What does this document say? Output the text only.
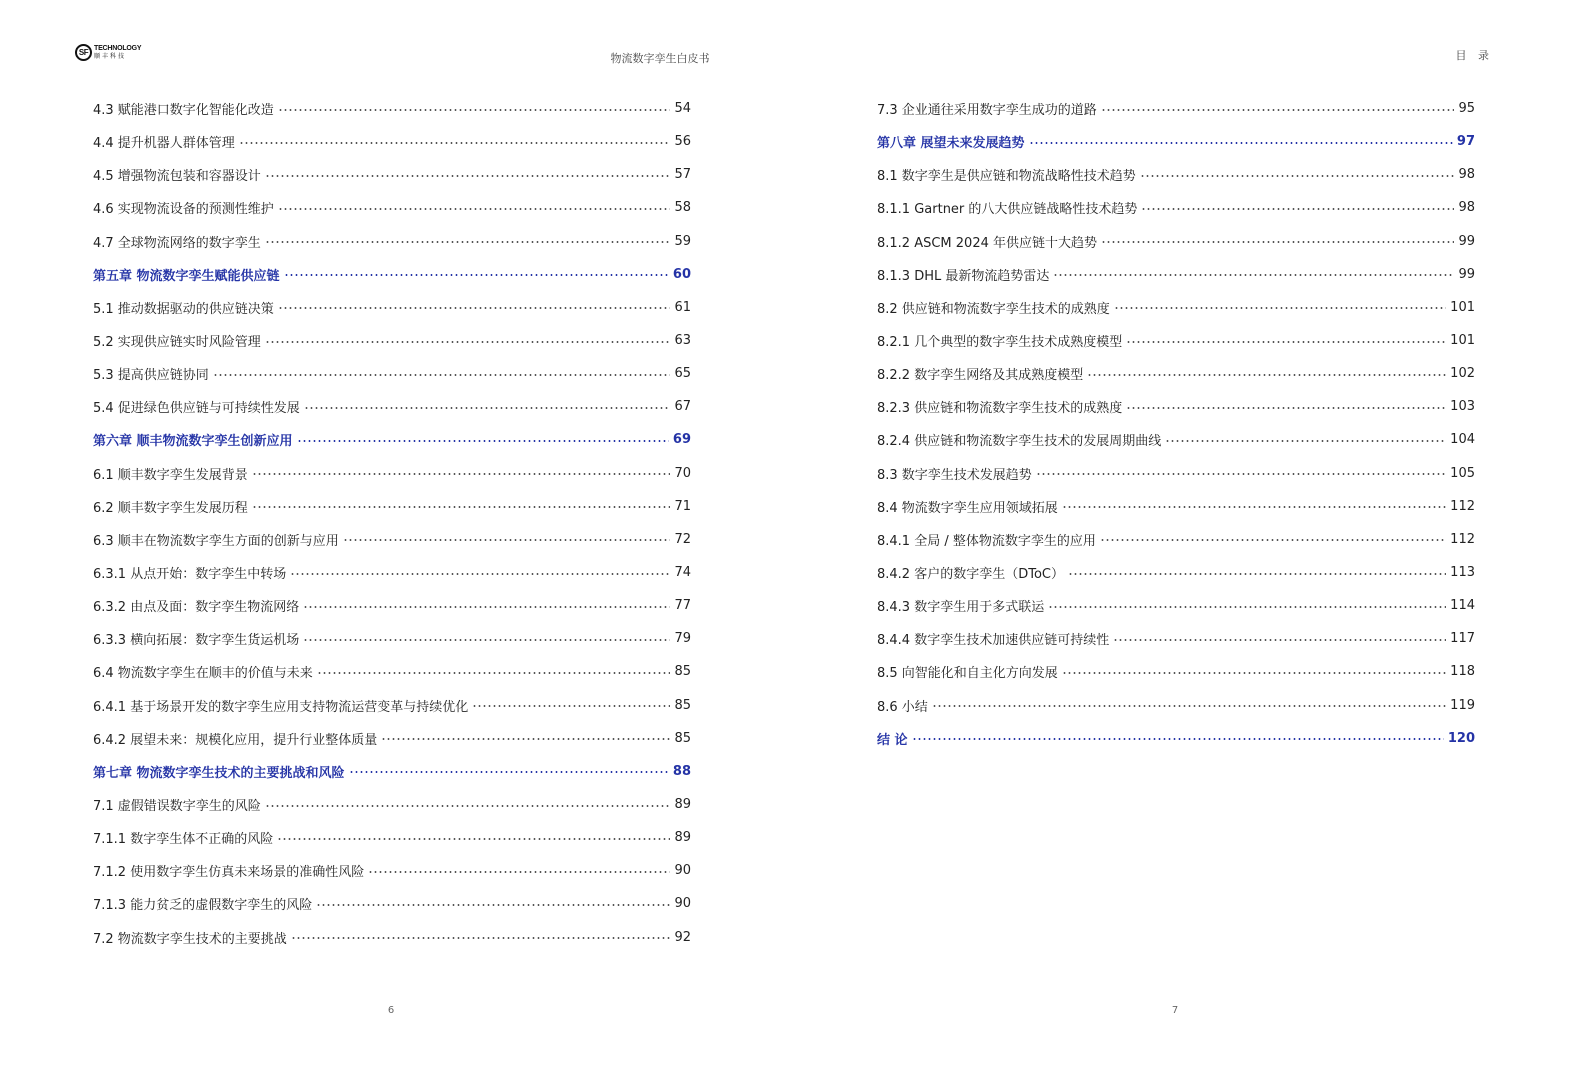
SF TECHNOLOGY
顺丰科技	物流数字孪生白皮书
4.3 赋能港口数字化智能化改造	54
4.4 提升机器人群体管理	56
4.5 增强物流包装和容器设计	57
4.6 实现物流设备的预测性维护	58
4.7 全球物流网络的数字孪生	59
第五章 物流数字孪生赋能供应链	60
5.1 推动数据驱动的供应链决策	61
5.2 实现供应链实时风险管理	63
5.3 提高供应链协同	65
5.4 促进绿色供应链与可持续性发展	67
第六章 顺丰物流数字孪生创新应用	69
6.1 顺丰数字孪生发展背景	70
6.2 顺丰数字孪生发展历程	71
6.3 顺丰在物流数字孪生方面的创新与应用	72
6.3.1 从点开始：数字孪生中转场	74
6.3.2 由点及面：数字孪生物流网络	77
6.3.3 横向拓展：数字孪生货运机场	79
6.4 物流数字孪生在顺丰的价值与未来	85
6.4.1 基于场景开发的数字孪生应用支持物流运营变革与持续优化	85
6.4.2 展望未来：规模化应用，提升行业整体质量	85
第七章 物流数字孪生技术的主要挑战和风险	88
7.1 虚假错误数字孪生的风险	89
7.1.1 数字孪生体不正确的风险	89
7.1.2 使用数字孪生仿真未来场景的准确性风险	90
7.1.3 能力贫乏的虚假数字孪生的风险	90
7.2 物流数字孪生技术的主要挑战	92
6
目 录
7.3 企业通往采用数字孪生成功的道路	95
第八章 展望未来发展趋势	97
8.1 数字孪生是供应链和物流战略性技术趋势	98
8.1.1 Gartner 的八大供应链战略性技术趋势	98
8.1.2 ASCM 2024 年供应链十大趋势	99
8.1.3 DHL 最新物流趋势雷达	99
8.2 供应链和物流数字孪生技术的成熟度	101
8.2.1 几个典型的数字孪生技术成熟度模型	101
8.2.2 数字孪生网络及其成熟度模型	102
8.2.3 供应链和物流数字孪生技术的成熟度	103
8.2.4 供应链和物流数字孪生技术的发展周期曲线	104
8.3 数字孪生技术发展趋势	105
8.4 物流数字孪生应用领域拓展	112
8.4.1 全局 / 整体物流数字孪生的应用	112
8.4.2 客户的数字孪生（DToC）	113
8.4.3 数字孪生用于多式联运	114
8.4.4 数字孪生技术加速供应链可持续性	117
8.5 向智能化和自主化方向发展	118
8.6 小结	119
结 论	120
7
